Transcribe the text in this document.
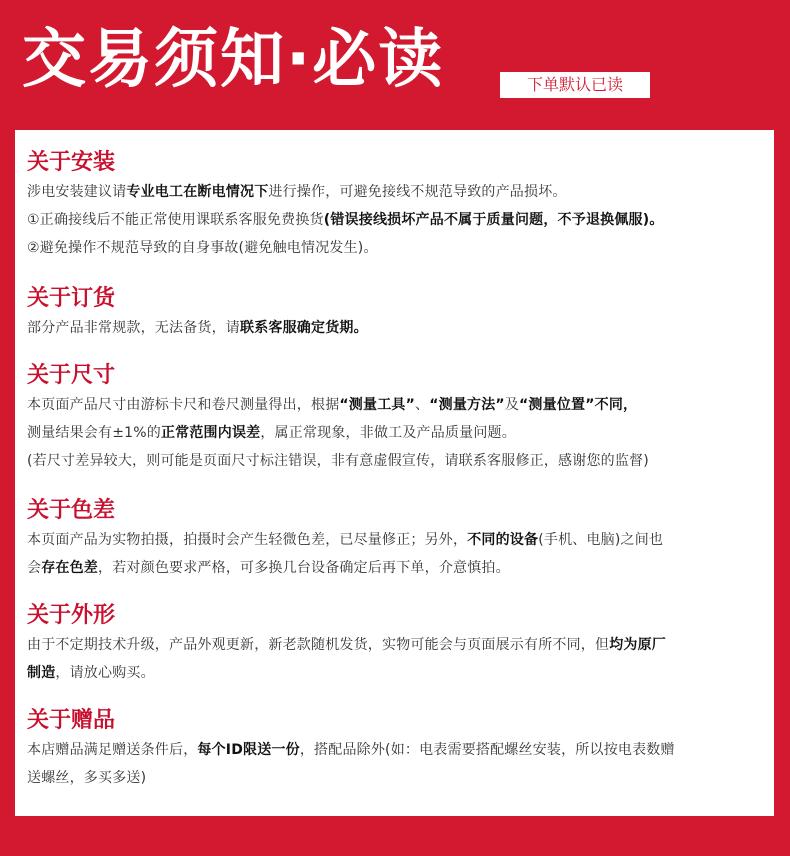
交易须知·必读	下单默认已读
关于安装

涉电安装建议请专业电工在断电情况下进行操作，可避免接线不规范导致的产品损坏。

①正确接线后不能正常使用课联系客服免费换货(错误接线损坏产品不属于质量问题，不予退换佩服)。

②避免操作不规范导致的自身事故(避免触电情况发生)。

关于订货

部分产品非常规款，无法备货，请联系客服确定货期。

关于尺寸

本页面产品尺寸由游标卡尺和卷尺测量得出，根据“测量工具”、“测量方法”及“测量位置”不同，

测量结果会有±1%的正常范围内误差，属正常现象，非做工及产品质量问题。

(若尺寸差异较大，则可能是页面尺寸标注错误，非有意虚假宣传，请联系客服修正，感谢您的监督)

关于色差

本页面产品为实物拍摄，拍摄时会产生轻微色差，已尽量修正；另外，不同的设备(手机、电脑)之间也

会存在色差，若对颜色要求严格，可多换几台设备确定后再下单，介意慎拍。

关于外形

由于不定期技术升级，产品外观更新，新老款随机发货，实物可能会与页面展示有所不同，但均为原厂

制造，请放心购买。

关于赠品

本店赠品满足赠送条件后，每个ID限送一份，搭配品除外(如：电表需要搭配螺丝安装，所以按电表数赠

送螺丝，多买多送)
